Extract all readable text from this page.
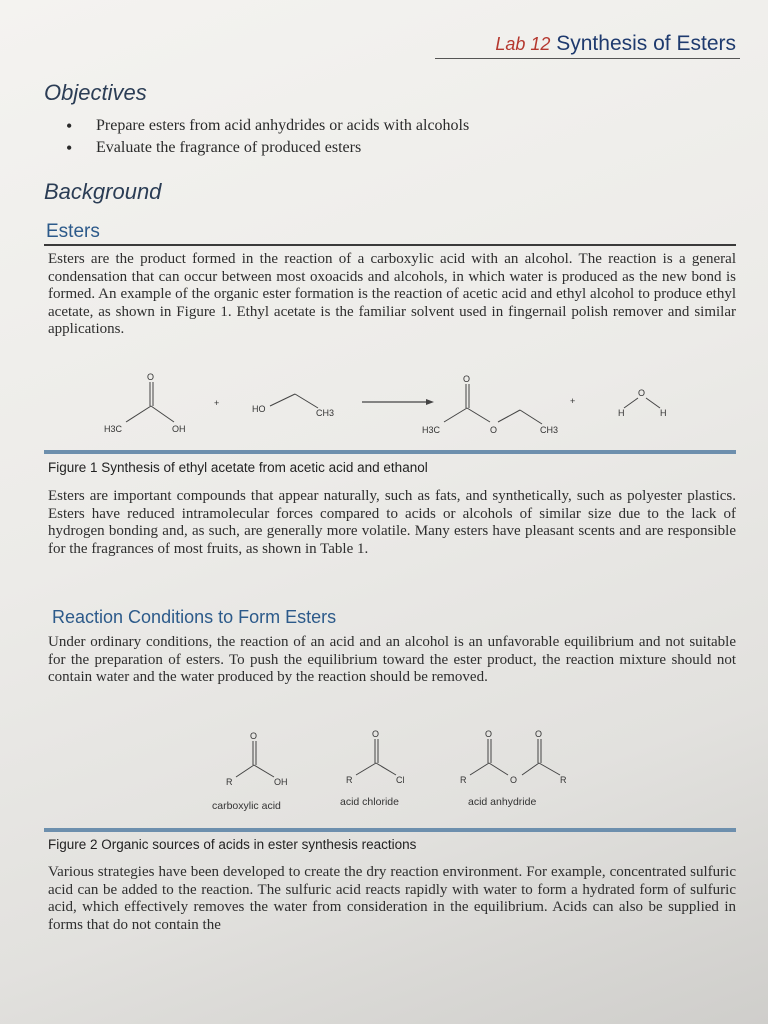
Lab 12 Synthesis of Esters
Objectives
• Prepare esters from acid anhydrides or acids with alcohols
• Evaluate the fragrance of produced esters
Background
Esters
Esters are the product formed in the reaction of a carboxylic acid with an alcohol. The reaction is a general condensation that can occur between most oxoacids and alcohols, in which water is produced as the new bond is formed. An example of the organic ester formation is the reaction of acetic acid and ethyl alcohol to produce ethyl acetate, as shown in Figure 1. Ethyl acetate is the familiar solvent used in fingernail polish remover and similar applications.
O
H3C	OH
+
HO	CH3
O
H3C	O	CH3
+
H
O
H
Figure 1 Synthesis of ethyl acetate from acetic acid and ethanol
Esters are important compounds that appear naturally, such as fats, and synthetically, such as polyester plastics. Esters have reduced intramolecular forces compared to acids or alcohols of similar size due to the lack of hydrogen bonding and, as such, are generally more volatile. Many esters have pleasant scents and are responsible for the fragrances of most fruits, as shown in Table 1.
Reaction Conditions to Form Esters
Under ordinary conditions, the reaction of an acid and an alcohol is an unfavorable equilibrium and not suitable for the preparation of esters. To push the equilibrium toward the ester product, the reaction mixture should not contain water and the water produced by the reaction should be removed.
O
R	OH
carboxylic acid
O
R	Cl
acid chloride
O	O
R	O	R
acid anhydride
Figure 2 Organic sources of acids in ester synthesis reactions
Various strategies have been developed to create the dry reaction environment. For example, concentrated sulfuric acid can be added to the reaction. The sulfuric acid reacts rapidly with water to form a hydrated form of sulfuric acid, which effectively removes the water from consideration in the equilibrium. Acids can also be supplied in forms that do not contain the
